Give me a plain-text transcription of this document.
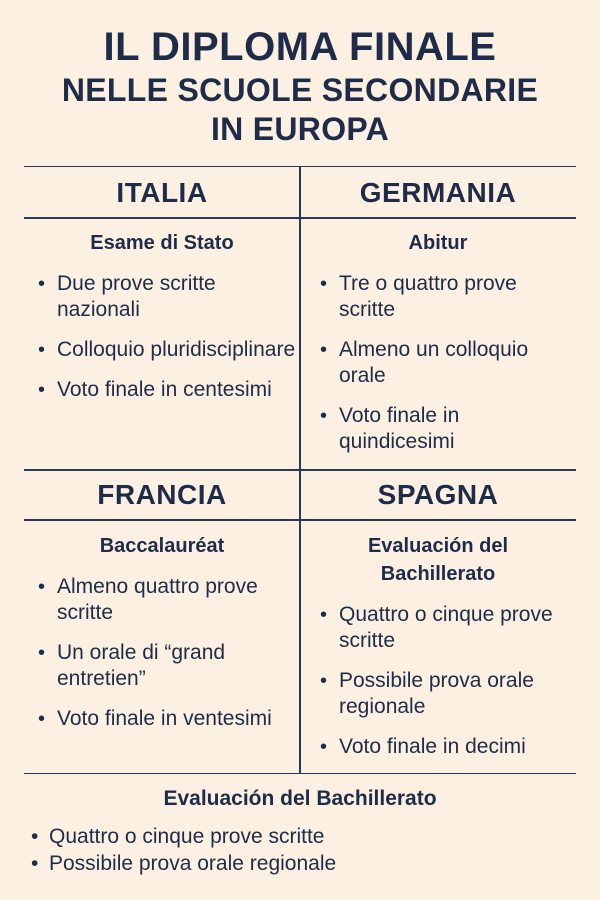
IL DIPLOMA FINALE
NELLE SCUOLE SECONDARIE
IN EUROPA
ITALIA
Esame di Stato
• Due prove scritte nazionali
• Colloquio pluridisciplinare
• Voto finale in centesimi
GERMANIA
Abitur
• Tre o quattro prove scritte
• Almeno un colloquio orale
• Voto finale in quindicesimi
FRANCIA
Baccalauréat
• Almeno quattro prove scritte
• Un orale di “grand entretien”
• Voto finale in ventesimi
SPAGNA
Evaluación del Bachillerato
• Quattro o cinque prove scritte
• Possibile prova orale regionale
• Voto finale in decimi
Evaluación del Bachillerato
• Quattro o cinque prove scritte
• Possibile prova orale regionale
